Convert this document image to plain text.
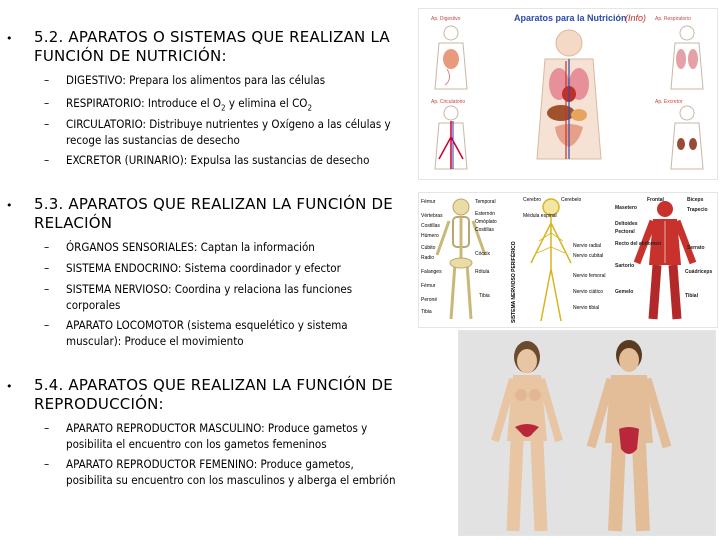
• 5.2. APARATOS O SISTEMAS QUE REALIZAN LA FUNCIÓN DE NUTRICIÓN:
– DIGESTIVO: Prepara los alimentos para las células
– RESPIRATORIO: Introduce el $O_2$ y elimina el $CO_2$
– CIRCULATORIO: Distribuye nutrientes y Oxígeno a las células y recoge las sustancias de desecho
– EXCRETOR (URINARIO): Expulsa las sustancias de desecho
• 5.3. APARATOS QUE REALIZAN LA FUNCIÓN DE RELACIÓN
– ÓRGANOS SENSORIALES: Captan la información
– SISTEMA ENDOCRINO: Sistema coordinador y efector
– SISTEMA NERVIOSO: Coordina y relaciona las funciones corporales
– APARATO LOCOMOTOR (sistema esquelético y sistema muscular): Produce el movimiento
• 5.4. APARATOS QUE REALIZAN LA FUNCIÓN DE REPRODUCCIÓN:
– APARATO REPRODUCTOR MASCULINO: Produce gametos y posibilita el encuentro con los gametos femeninos
– APARATO REPRODUCTOR FEMENINO: Produce gametos, posibilita su encuentro con los masculinos y alberga el embrión
Aparatos para la Nutrición
(Info)
Ap. Digestivo	Ap. Respiratorio
Ap. Circulatorio	Ap. Excretor
Fémur
Vértebras
Costillas
Húmero
Cúbito
Radio
Falanges
Fémur
Peroné
Tibia
Temporal
Esternón
Omóplato
Costillas
Cóccix
Rótula
Tibia	SISTEMA NERVIOSO PERIFÉRICO
Cerebro	Cerebelo
Médula espinal
Nervio radial
Nervio cubital
Nervio femoral
Nervio ciático
Nervio tibial
Frontal	Bíceps
Masetero	Trapecio
Deltoides
Pectoral
Recto del abdomen
Serrato
Sartorio
Cuádriceps
Gemelo
Tibial
